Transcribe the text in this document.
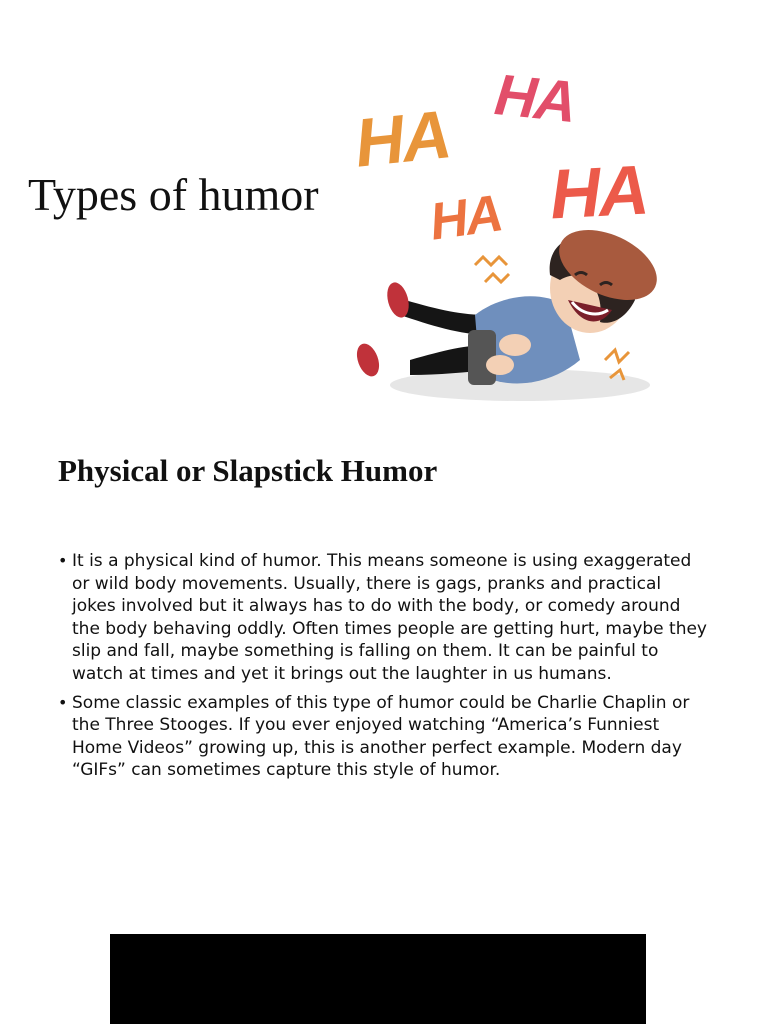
Types of humor
HA HA
HA HA
Physical or Slapstick Humor
• It is a physical kind of humor. This means someone is using exaggerated or wild body movements. Usually, there is gags, pranks and practical jokes involved but it always has to do with the body, or comedy around the body behaving oddly. Often times people are getting hurt, maybe they slip and fall, maybe something is falling on them. It can be painful to watch at times and yet it brings out the laughter in us humans.
• Some classic examples of this type of humor could be Charlie Chaplin or the Three Stooges. If you ever enjoyed watching “America’s Funniest Home Videos” growing up, this is another perfect example. Modern day “GIFs” can sometimes capture this style of humor.
